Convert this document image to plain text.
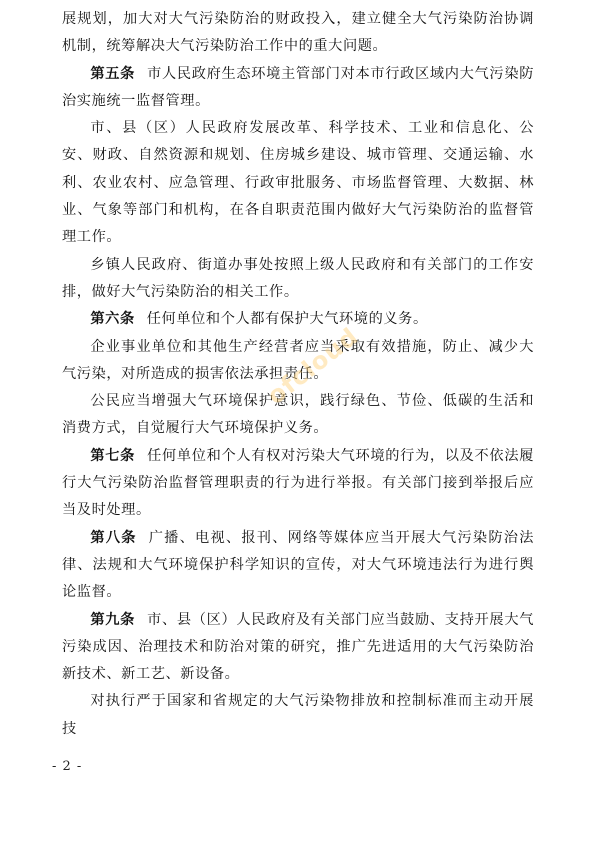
展规划，加大对大气污染防治的财政投入，建立健全大气污染防治协调机制，统筹解决大气污染防治工作中的重大问题。

第五条 市人民政府生态环境主管部门对本市行政区域内大气污染防治实施统一监督管理。

市、县（区）人民政府发展改革、科学技术、工业和信息化、公安、财政、自然资源和规划、住房城乡建设、城市管理、交通运输、水利、农业农村、应急管理、行政审批服务、市场监督管理、大数据、林业、气象等部门和机构，在各自职责范围内做好大气污染防治的监督管理工作。

乡镇人民政府、街道办事处按照上级人民政府和有关部门的工作安排，做好大气污染防治的相关工作。

第六条 任何单位和个人都有保护大气环境的义务。

企业事业单位和其他生产经营者应当采取有效措施，防止、减少大气污染，对所造成的损害依法承担责任。

公民应当增强大气环境保护意识，践行绿色、节俭、低碳的生活和消费方式，自觉履行大气环境保护义务。

第七条 任何单位和个人有权对污染大气环境的行为，以及不依法履行大气污染防治监督管理职责的行为进行举报。有关部门接到举报后应当及时处理。

第八条 广播、电视、报刊、网络等媒体应当开展大气污染防治法律、法规和大气环境保护科学知识的宣传，对大气环境违法行为进行舆论监督。

第九条 市、县（区）人民政府及有关部门应当鼓励、支持开展大气污染成因、治理技术和防治对策的研究，推广先进适用的大气污染防治新技术、新工艺、新设备。

对执行严于国家和省规定的大气污染物排放和控制标准而主动开展技

ofcloud
- 2 -
